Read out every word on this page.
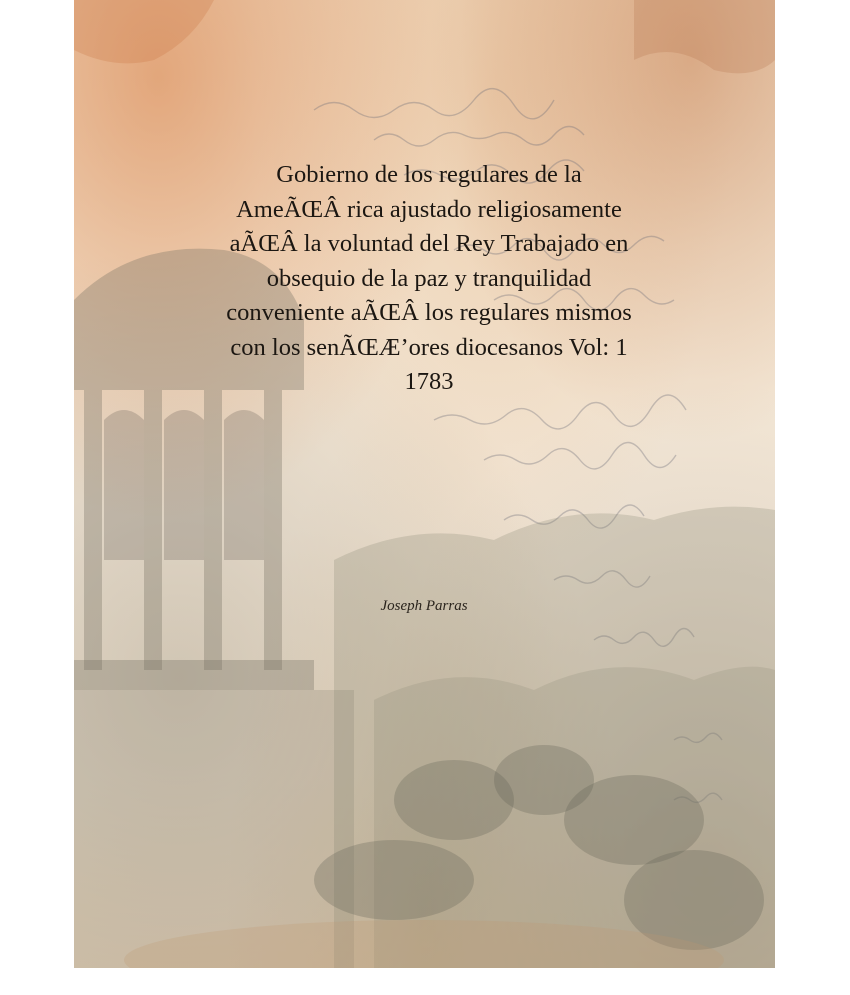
Gobierno de los regulares de la
AmeÃŒÂ rica ajustado religiosamente
aÃŒÂ la voluntad del Rey Trabajado en
obsequio de la paz y tranquilidad
conveniente aÃŒÂ los regulares mismos
con los senÃŒÆ’ores diocesanos Vol: 1
1783
Joseph Parras
